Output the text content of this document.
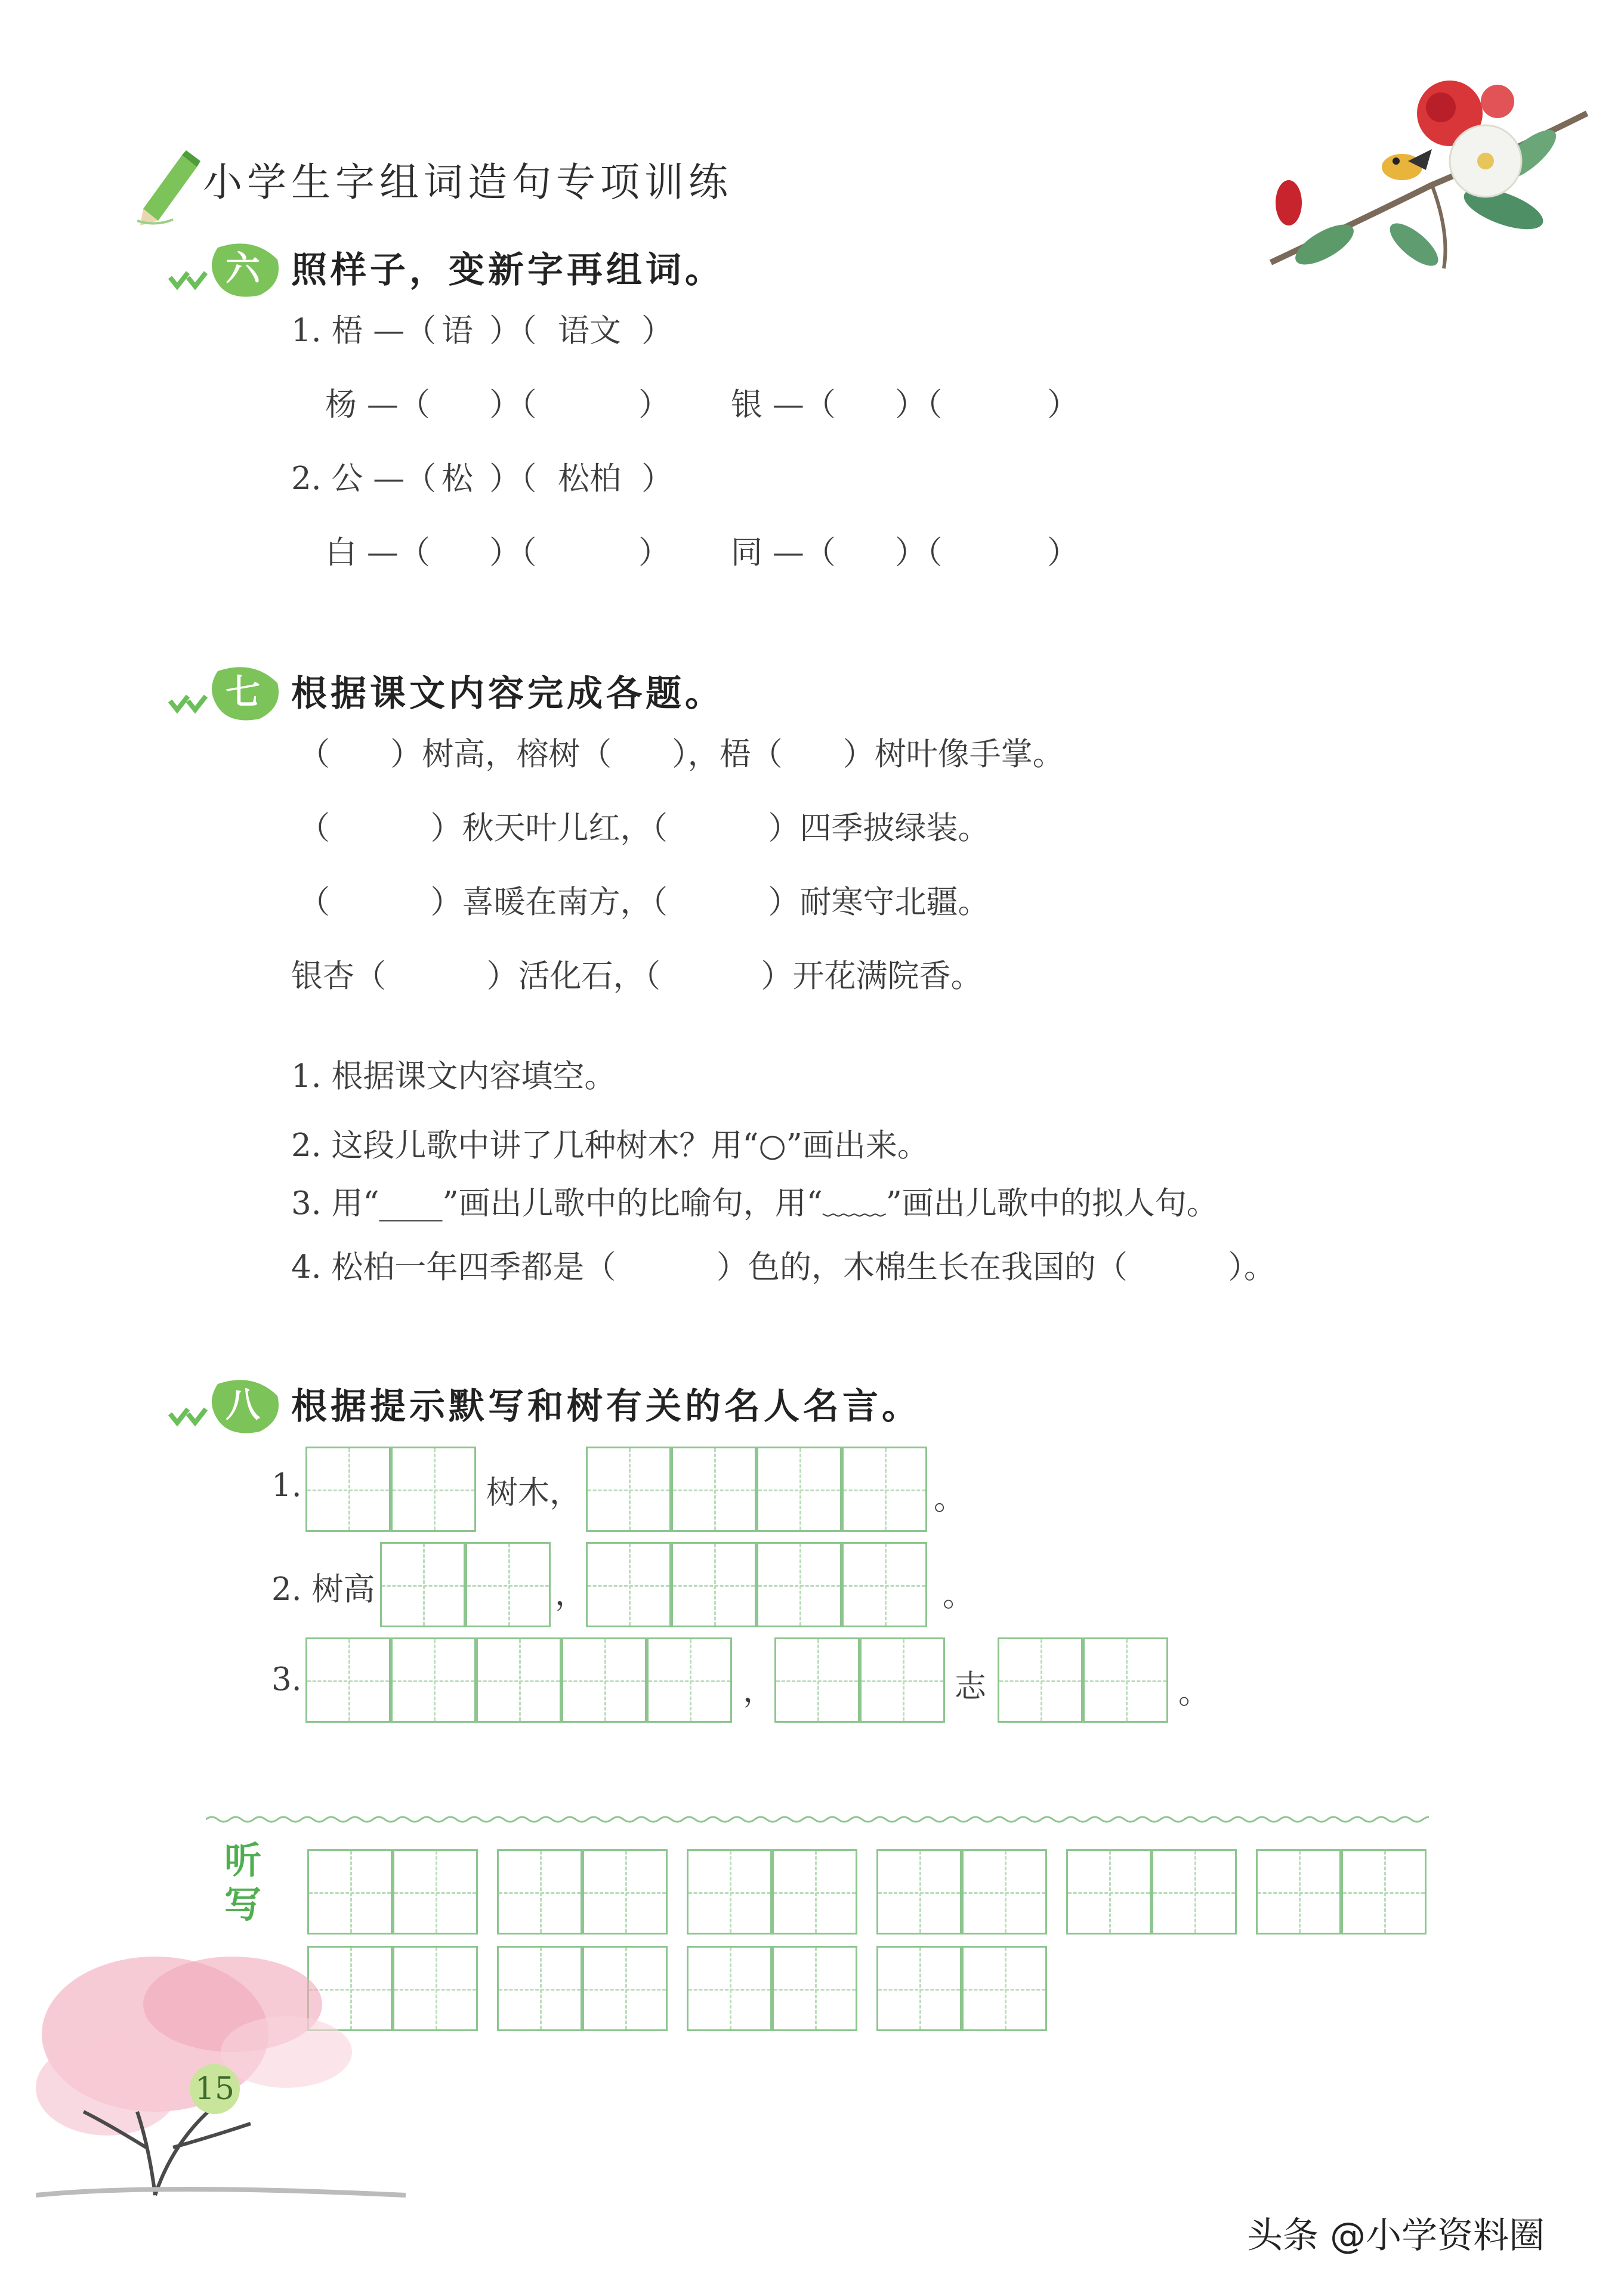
小学生字组词造句专项训练
六 照样子，变新字再组词。
1. 梧 —（ 语 ）（ 语文 ）
杨 —（ ）（	） 银 —（ ）（	）
2. 公 —（ 松 ）（ 松柏 ）
白 —（ ）（	） 同 —（ ）（	）
七 根据课文内容完成各题。
（      ）树高，榕树（      ），梧（      ）树叶像手掌。
（          ）秋天叶儿红，（          ）四季披绿装。
（          ）喜暖在南方，（          ）耐寒守北疆。
银杏（          ）活化石，（          ）开花满院香。
1. 根据课文内容填空。
2. 这段儿歌中讲了几种树木？用“○”画出来。
3. 用“____”画出儿歌中的比喻句，用“﹏﹏”画出儿歌中的拟人句。
4. 松柏一年四季都是（          ）色的，木棉生长在我国的（          ）。
八 根据提示默写和树有关的名人名言。
1.	树木，	。
2. 树高	，	。
3.	，	志	。
听写
15
头条 @小学资料圈
